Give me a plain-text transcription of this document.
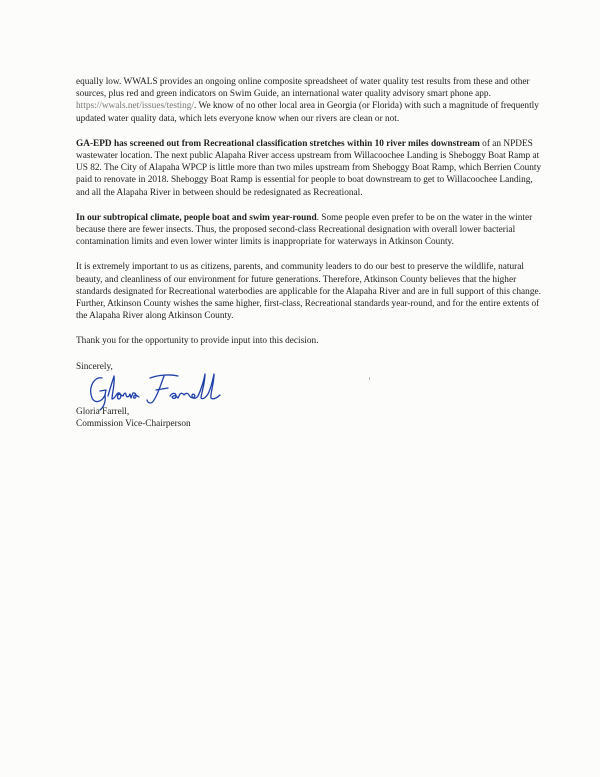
equally low. WWALS provides an ongoing online composite spreadsheet of water quality test results from these and other sources, plus red and green indicators on Swim Guide, an international water quality advisory smart phone app. https://wwals.net/issues/testing/. We know of no other local area in Georgia (or Florida) with such a magnitude of frequently updated water quality data, which lets everyone know when our rivers are clean or not.

GA-EPD has screened out from Recreational classification stretches within 10 river miles downstream of an NPDES wastewater location. The next public Alapaha River access upstream from Willacoochee Landing is Sheboggy Boat Ramp at US 82. The City of Alapaha WPCP is little more than two miles upstream from Sheboggy Boat Ramp, which Berrien County paid to renovate in 2018. Sheboggy Boat Ramp is essential for people to boat downstream to get to Willacoochee Landing, and all the Alapaha River in between should be redesignated as Recreational.

In our subtropical climate, people boat and swim year-round. Some people even prefer to be on the water in the winter because there are fewer insects. Thus, the proposed second-class Recreational designation with overall lower bacterial contamination limits and even lower winter limits is inappropriate for waterways in Atkinson County.

It is extremely important to us as citizens, parents, and community leaders to do our best to preserve the wildlife, natural beauty, and cleanliness of our environment for future generations. Therefore, Atkinson County believes that the higher standards designated for Recreational waterbodies are applicable for the Alapaha River and are in full support of this change. Further, Atkinson County wishes the same higher, first-class, Recreational standards year-round, and for the entire extents of the Alapaha River along Atkinson County.

Thank you for the opportunity to provide input into this decision.

Sincerely,

Gloria Farrell,
Commission Vice-Chairperson
